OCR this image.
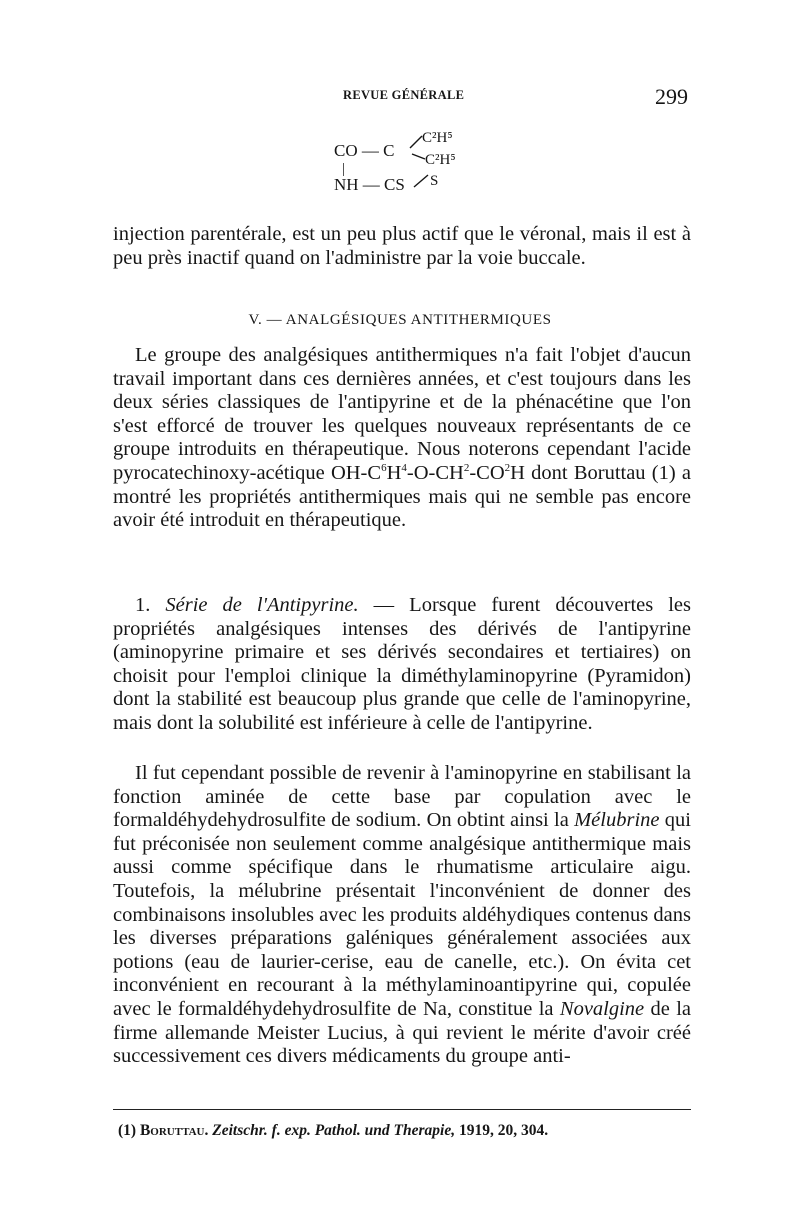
REVUE GÉNÉRALE	299
CO — C
C²H⁵
C²H⁵
|
NH — CS S

injection parentérale, est un peu plus actif que le véronal, mais il est à peu près inactif quand on l'administre par la voie buccale.

V. — ANALGÉSIQUES ANTITHERMIQUES

Le groupe des analgésiques antithermiques n'a fait l'objet d'aucun travail important dans ces dernières années, et c'est toujours dans les deux séries classiques de l'antipyrine et de la phénacétine que l'on s'est efforcé de trouver les quelques nouveaux représentants de ce groupe introduits en thérapeutique. Nous noterons cependant l'acide pyrocatechinoxy-acétique $OH-C^6H^4-O-CH^2-CO^2H$ dont Boruttau (1) a montré les propriétés antithermiques mais qui ne semble pas encore avoir été introduit en thérapeutique.

1. Série de l'Antipyrine. — Lorsque furent découvertes les propriétés analgésiques intenses des dérivés de l'antipyrine (aminopyrine primaire et ses dérivés secondaires et tertiaires) on choisit pour l'emploi clinique la diméthylaminopyrine (Pyramidon) dont la stabilité est beaucoup plus grande que celle de l'aminopyrine, mais dont la solubilité est inférieure à celle de l'antipyrine.

Il fut cependant possible de revenir à l'aminopyrine en stabilisant la fonction aminée de cette base par copulation avec le formaldéhydehydrosulfite de sodium. On obtint ainsi la Mélubrine qui fut préconisée non seulement comme analgésique antithermique mais aussi comme spécifique dans le rhumatisme articulaire aigu. Toutefois, la mélubrine présentait l'inconvénient de donner des combinaisons insolubles avec les produits aldéhydiques contenus dans les diverses préparations galéniques généralement associées aux potions (eau de laurier-cerise, eau de canelle, etc.). On évita cet inconvénient en recourant à la méthylaminoantipyrine qui, copulée avec le formaldéhydehydrosulfite de Na, constitue la Novalgine de la firme allemande Meister Lucius, à qui revient le mérite d'avoir créé successivement ces divers médicaments du groupe anti-

(1) Boruttau. Zeitschr. f. exp. Pathol. und Therapie, 1919, 20, 304.
